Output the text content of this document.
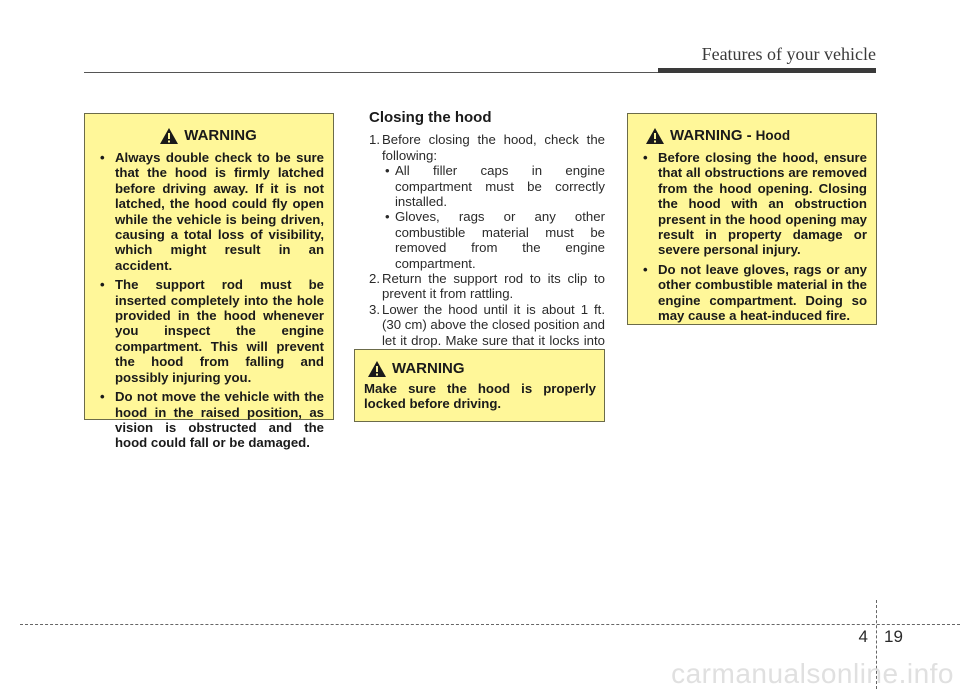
Features of your vehicle
WARNING
• Always double check to be sure that the hood is firmly latched before driving away. If it is not latched, the hood could fly open while the vehicle is being driven, causing a total loss of visibility, which might result in an accident.
• The support rod must be inserted completely into the hole provided in the hood whenever you inspect the engine compartment. This will prevent the hood from falling and possibly injuring you.
• Do not move the vehicle with the hood in the raised position, as vision is obstructed and the hood could fall or be damaged.
Closing the hood
1. Before closing the hood, check the following:
• All filler caps in engine compartment must be correctly installed.
• Gloves, rags or any other combustible material must be removed from the engine compartment.
2. Return the support rod to its clip to prevent it from rattling.
3. Lower the hood until it is about 1 ft. (30 cm) above the closed position and let it drop. Make sure that it locks into
WARNING
Make sure the hood is properly locked before driving.
WARNING - Hood
• Before closing the hood, ensure that all obstructions are removed from the hood opening. Closing the hood with an obstruction present in the hood opening may result in property damage or severe personal injury.
• Do not leave gloves, rags or any other combustible material in the engine compartment. Doing so may cause a heat-induced fire.
4 19
carmanualsonline.info
